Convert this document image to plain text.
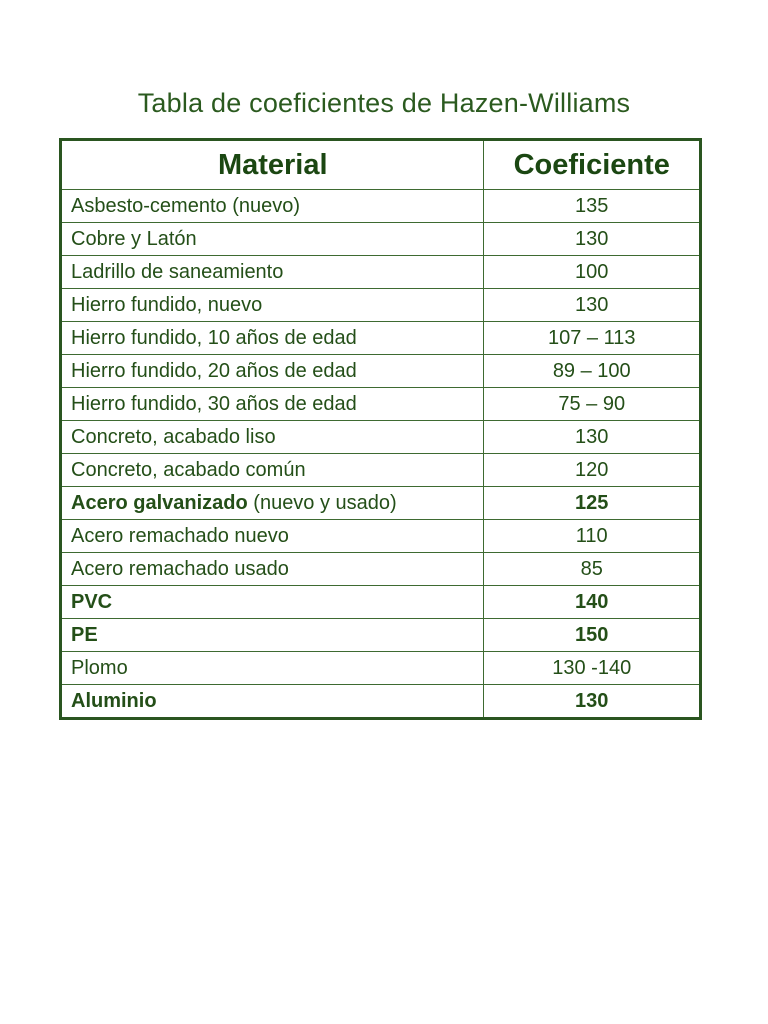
Tabla de coeficientes de Hazen-Williams
Material	Coeficiente
Asbesto-cemento (nuevo)	135
Cobre y Latón	130
Ladrillo de saneamiento	100
Hierro fundido, nuevo	130
Hierro fundido, 10 años de edad	107 – 113
Hierro fundido, 20 años de edad	89 – 100
Hierro fundido, 30 años de edad	75 – 90
Concreto, acabado liso	130
Concreto, acabado común	120
Acero galvanizado (nuevo y usado)	125
Acero remachado nuevo	110
Acero remachado usado	85
PVC	140
PE	150
Plomo	130 -140
Aluminio	130
